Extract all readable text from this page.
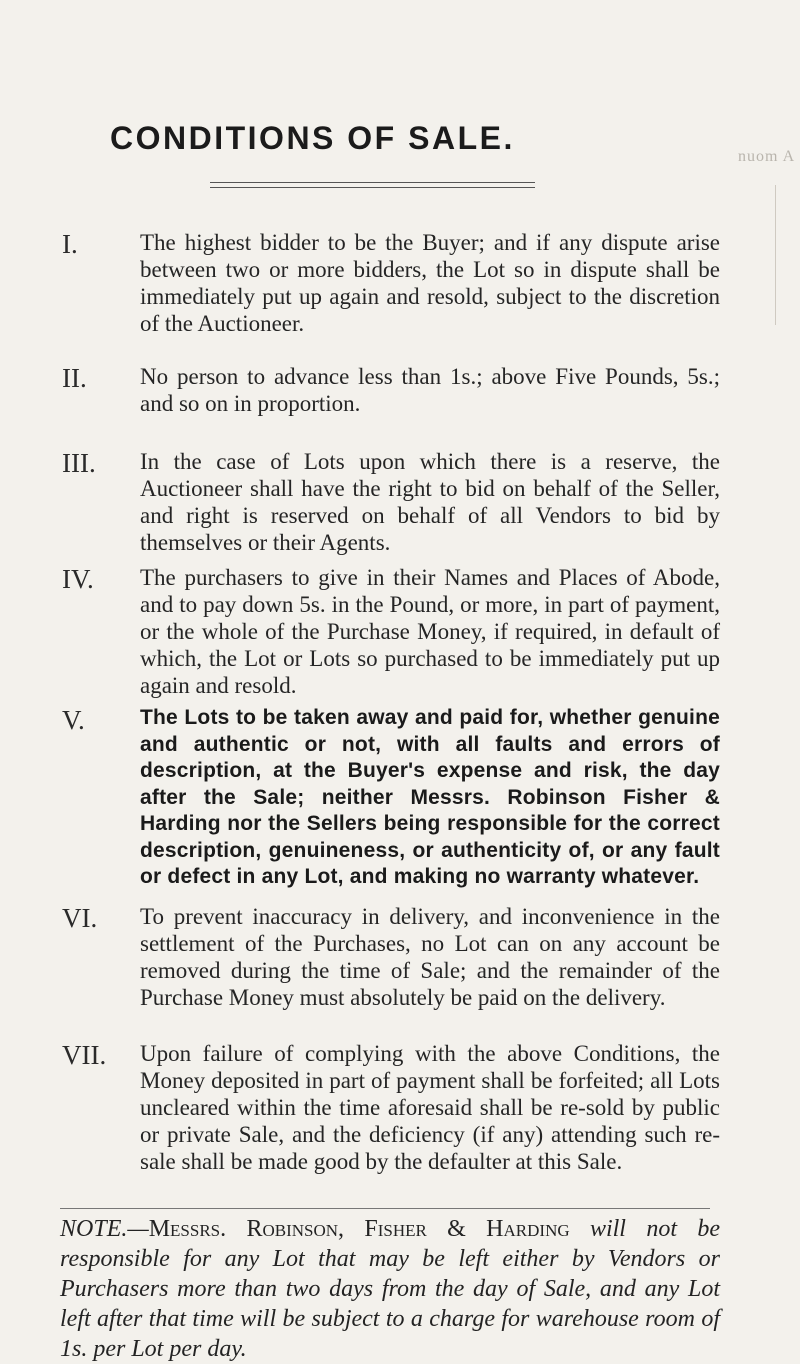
CONDITIONS OF SALE.
nuom A
I.	The highest bidder to be the Buyer; and if any dispute arise between two or more bidders, the Lot so in dispute shall be immediately put up again and resold, subject to the discretion of the Auctioneer.
II. No person to advance less than 1s.; above Five Pounds, 5s.; and so on in proportion.
III. In the case of Lots upon which there is a reserve, the Auctioneer shall have the right to bid on behalf of the Seller, and right is reserved on behalf of all Vendors to bid by themselves or their Agents.
IV. The purchasers to give in their Names and Places of Abode, and to pay down 5s. in the Pound, or more, in part of payment, or the whole of the Purchase Money, if required, in default of which, the Lot or Lots so purchased to be immediately put up again and resold.
V.	The Lots to be taken away and paid for, whether genuine and authentic or not, with all faults and errors of description, at the Buyer's expense and risk, the day after the Sale; neither Messrs. Robinson Fisher & Harding nor the Sellers being responsible for the correct description, genuineness, or authenticity of, or any fault or defect in any Lot, and making no warranty whatever.
VI. To prevent inaccuracy in delivery, and inconvenience in the settlement of the Purchases, no Lot can on any account be removed during the time of Sale; and the remainder of the Purchase Money must absolutely be paid on the delivery.
VII. Upon failure of complying with the above Conditions, the Money deposited in part of payment shall be forfeited; all Lots uncleared within the time aforesaid shall be re-sold by public or private Sale, and the deficiency (if any) attending such re-sale shall be made good by the defaulter at this Sale.
NOTE.—Messrs. Robinson, Fisher & Harding will not be responsible for any Lot that may be left either by Vendors or Purchasers more than two days from the day of Sale, and any Lot left after that time will be subject to a charge for warehouse room of 1s. per Lot per day.
